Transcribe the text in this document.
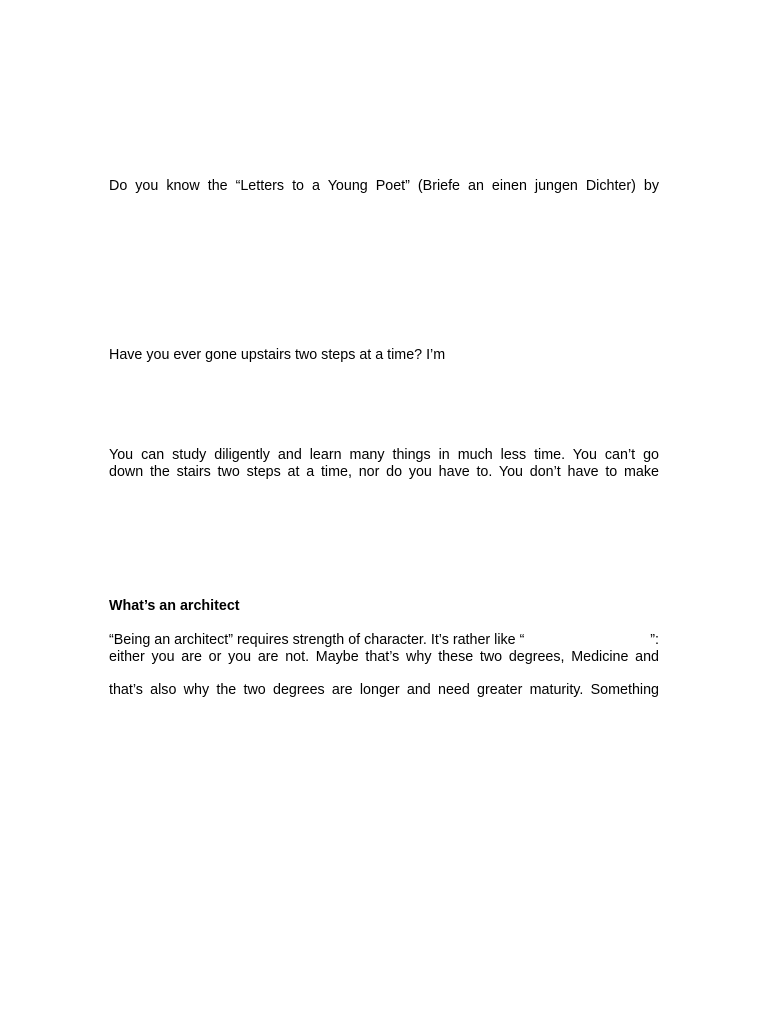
Do you know the “Letters to a Young Poet” (Briefe an einen jungen Dichter) by

Have you ever gone upstairs two steps at a time? I’m

You can study diligently and learn many things in much less time. You can’t go

down the stairs two steps at a time, nor do you have to. You don’t have to make

What’s an architect

“Being an architect” requires strength of character. It’s rather like “	”:

either you are or you are not. Maybe that’s why these two degrees, Medicine and

that’s also why the two degrees are longer and need greater maturity. Something
